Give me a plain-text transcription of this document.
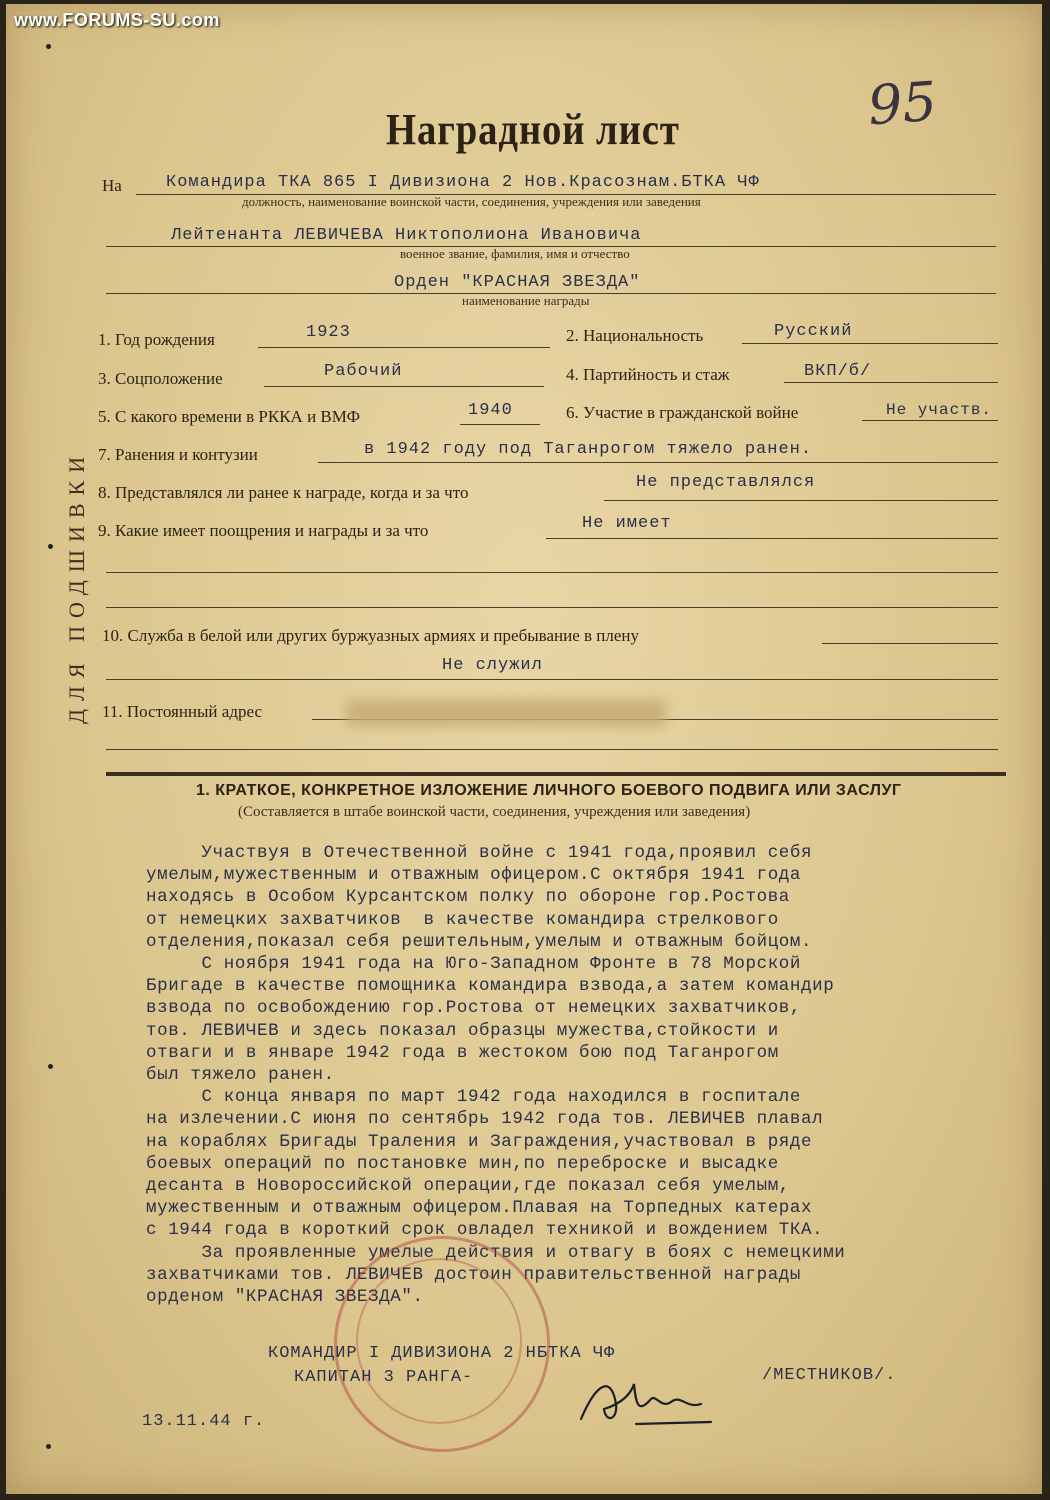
Наградной лист	95
На	Командира ТКА 865 I Дивизиона 2 Нов.Красознам.БТКА ЧФ
должность, наименование воинской части, соединения, учреждения или заведения
Лейтенанта ЛЕВИЧЕВА Никтополиона Ивановича
военное звание, фамилия, имя и отчество
Орден "КРАСНАЯ ЗВЕЗДА"
наименование награды
1. Год рождения	1923	2. Национальность	Русский
3. Соцположение	Рабочий	4. Партийность и стаж	ВКП/б/
5. С какого времени в РККА и ВМФ	1940	6. Участие в гражданской войне	Не участв.
7. Ранения и контузии	в 1942 году под Таганрогом тяжело ранен.
8. Представлялся ли ранее к награде, когда и за что
Не представлялся
9. Какие имеет поощрения и награды и за что	Не имеет
10. Служба в белой или других буржуазных армиях и пребывание в плену
Не служил
11. Постоянный адрес
ДЛЯ ПОДШИВКИ
1. КРАТКОЕ, КОНКРЕТНОЕ ИЗЛОЖЕНИЕ ЛИЧНОГО БОЕВОГО ПОДВИГА ИЛИ ЗАСЛУГ
(Составляется в штабе воинской части, соединения, учреждения или заведения)
Участвуя в Отечественной войне с 1941 года,проявил себя
умелым,мужественным и отважным офицером.С октября 1941 года
находясь в Особом Курсантском полку по обороне гор.Ростова
от немецких захватчиков  в качестве командира стрелкового
отделения,показал себя решительным,умелым и отважным бойцом.
С ноября 1941 года на Юго-Западном Фронте в 78 Морской
Бригаде в качестве помощника командира взвода,а затем командир
взвода по освобождению гор.Ростова от немецких захватчиков,
тов. ЛЕВИЧЕВ и здесь показал образцы мужества,стойкости и
отваги и в январе 1942 года в жестоком бою под Таганрогом
был тяжело ранен.
С конца января по март 1942 года находился в госпитале
на излечении.С июня по сентябрь 1942 года тов. ЛЕВИЧЕВ плавал
на кораблях Бригады Траления и Заграждения,участвовал в ряде
боевых операций по постановке мин,по переброске и высадке
десанта в Новороссийской операции,где показал себя умелым,
мужественным и отважным офицером.Плавая на Торпедных катерах
с 1944 года в короткий срок овладел техникой и вождением ТКА.
За проявленные умелые действия и отвагу в боях с немецкими
захватчиками тов. ЛЕВИЧЕВ достоин правительственной награды
орденом "КРАСНАЯ ЗВЕЗДА".
КОМАНДИР I ДИВИЗИОНА 2 НБТКА ЧФ
КАПИТАН 3 РАНГА-	/МЕСТНИКОВ/.
13.11.44 г.
www.FORUMS-SU.com
